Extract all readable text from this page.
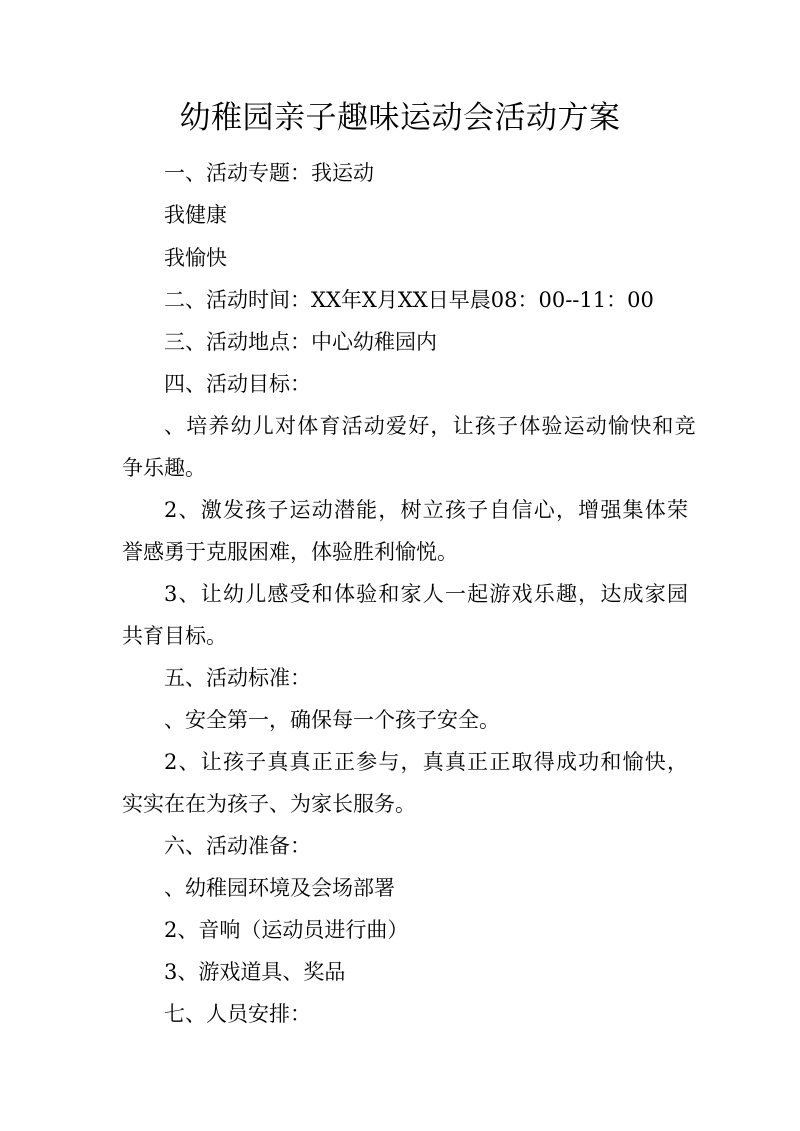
幼稚园亲子趣味运动会活动方案
一、活动专题：我运动
我健康
我愉快
二、活动时间：XX年X月XX日早晨08：00--11：00
三、活动地点：中心幼稚园内
四、活动目标：
、培养幼儿对体育活动爱好，让孩子体验运动愉快和竞
争乐趣。
2、激发孩子运动潜能，树立孩子自信心，增强集体荣
誉感勇于克服困难，体验胜利愉悦。
3、让幼儿感受和体验和家人一起游戏乐趣，达成家园
共育目标。
五、活动标准：
、安全第一，确保每一个孩子安全。
2、让孩子真真正正参与，真真正正取得成功和愉快，
实实在在为孩子、为家长服务。
六、活动准备：
、幼稚园环境及会场部署
2、音响（运动员进行曲）
3、游戏道具、奖品
七、人员安排：
